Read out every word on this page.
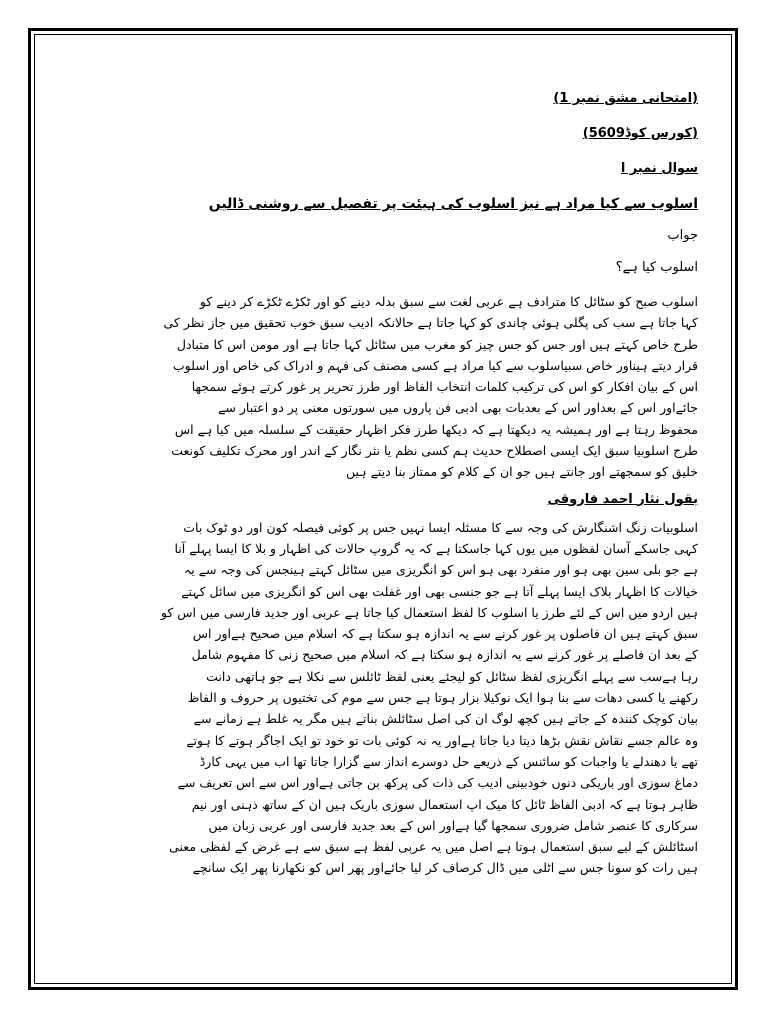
(امتحانی مشق نمبر 1)
(کورس کوڈ5609)
سوال نمبر ا
اسلوب سے کیا مراد ہے نیز اسلوب کی ہیئت پر تفصیل سے روشنی ڈالیں
جواب
اسلوب کیا ہے؟
اسلوب صبح کو سٹائل کا مترادف ہے عربی لغت سے سبق بدلہ دینے کو اور ٹکڑے ٹکڑے کر دینے کو
کہا جاتا ہے سب کی پگلی ہوئی چاندی کو کہا جاتا ہے حالانکہ ادیب سبق خوب تحقیق میں جاز نظر کی
طرح خاص کہتے ہیں اور جس کو جس چیز کو مغرب میں سٹائل کہا جاتا ہے اور مومن اس کا متبادل
قرار دیتے ہیناور خاص سبیاسلوب سے کیا مراد ہے کسی مصنف کی فہم و ادراک کی خاص اور اسلوب
اس کے بیان افکار کو اس کی ترکیب کلمات انتخاب الفاظ اور طرز تحریر پر غور کرتے ہوئے سمجھا
جائےاور اس کے بعداور اس کے بعدبات بھی ادبی فن پاروں میں سورتوں معنی پر دو اعتبار سے
محفوظ رہتا ہے اور ہمیشہ یہ دیکھتا ہے کہ دیکھا طرز فکر اظہار حقیقت کے سلسلہ میں کیا ہے اس
طرح اسلوبیا سبق ایک ایسی اصطلاح حدیث ہم کسی نظم یا نثر نگار کے اندر اور محرک تکلیف کونعت
خلیق کو سمجھتے اور جانتے ہیں جو ان کے کلام کو ممتاز بنا دیتے ہیں
بقول نثار احمد فاروقی
اسلوبیات زنگ اشنگارش کی وجہ سے کا مسئلہ ایسا نہیں جس پر کوئی فیصلہ کون اور دو ٹوک بات
کہی جاسکے آسان لفظوں میں یوں کہا جاسکتا ہے کہ یہ گروپ حالات کی اظہار و بلا کا ایسا پہلے آنا
ہے جو بلی سین بھی ہو اور منفرد بھی ہو اس کو انگریزی میں سٹائل کہتے ہینجس کی وجہ سے یہ
خیالات کا اظہار بلاک ایسا پہلے آتا ہے جو جنسی بھی اور غفلت بھی اس کو انگریزی میں سائل کہتے
ہیں اردو میں اس کے لئے طرز یا اسلوب کا لفظ استعمال کیا جاتا ہے عربی اور جدید فارسی میں اس کو
سبق کہتے ہیں ان فاصلوں پر غور کرنے سے یہ اندازہ ہو سکتا ہے کہ اسلام میں صحیح ہےاور اس
کے بعد ان فاصلے پر غور کرنے سے یہ اندازہ ہو سکتا ہے کہ اسلام میں صحیح زنی کا مفہوم شامل
رہا ہےسب سے پہلے انگریزی لفظ سٹائل کو لیجئے یعنی لفظ ٹائلس سے نکلا ہے جو ہاتھی دانت
رکھنے یا کسی دھات سے بنا ہوا ایک نوکیلا بزار ہوتا ہے جس سے موم کی تختیوں پر حروف و الفاظ
بیان کوچک کنندہ کے جاتے ہیں کچھ لوگ ان کی اصل سٹائلش بناتے ہیں مگر یہ غلط ہے زمانے سے
وہ عالم جسے نقاش نقش بڑھا دیتا دیا جاتا ہےاور یہ نہ کوئی بات تو خود تو ایک اجاگر ہوتے کا ہوتے
تھے یا دھندلے یا واجبات کو سائنس کے ذریعے حل دوسرے انداز سے گزارا جاتا تھا اب میں یہی کارڈ
دماغ سوزی اور باریکی دنوں خودبینی ادیب کی ذات کی پرکھ بن جاتی ہےاور اس سے اس تعریف سے
ظاہر ہوتا ہے کہ ادبی الفاظ ٹائل کا میک اپ استعمال سوزی باریک ہیں ان کے ساتھ ذہنی اور نیم
سرکاری کا عنصر شامل ضروری سمجھا گیا ہےاور اس کے بعد جدید فارسی اور عربی زبان میں
اسٹائلش کے لیے سبق استعمال ہوتا ہے اصل میں یہ عربی لفظ ہے سبق سے ہے غرض کے لفظی معنی
ہیں رات کو سونا جس سے اٹلی میں ڈال کرصاف کر لیا جائےاور پھر اس کو نکھارنا پھر ایک سانچے
